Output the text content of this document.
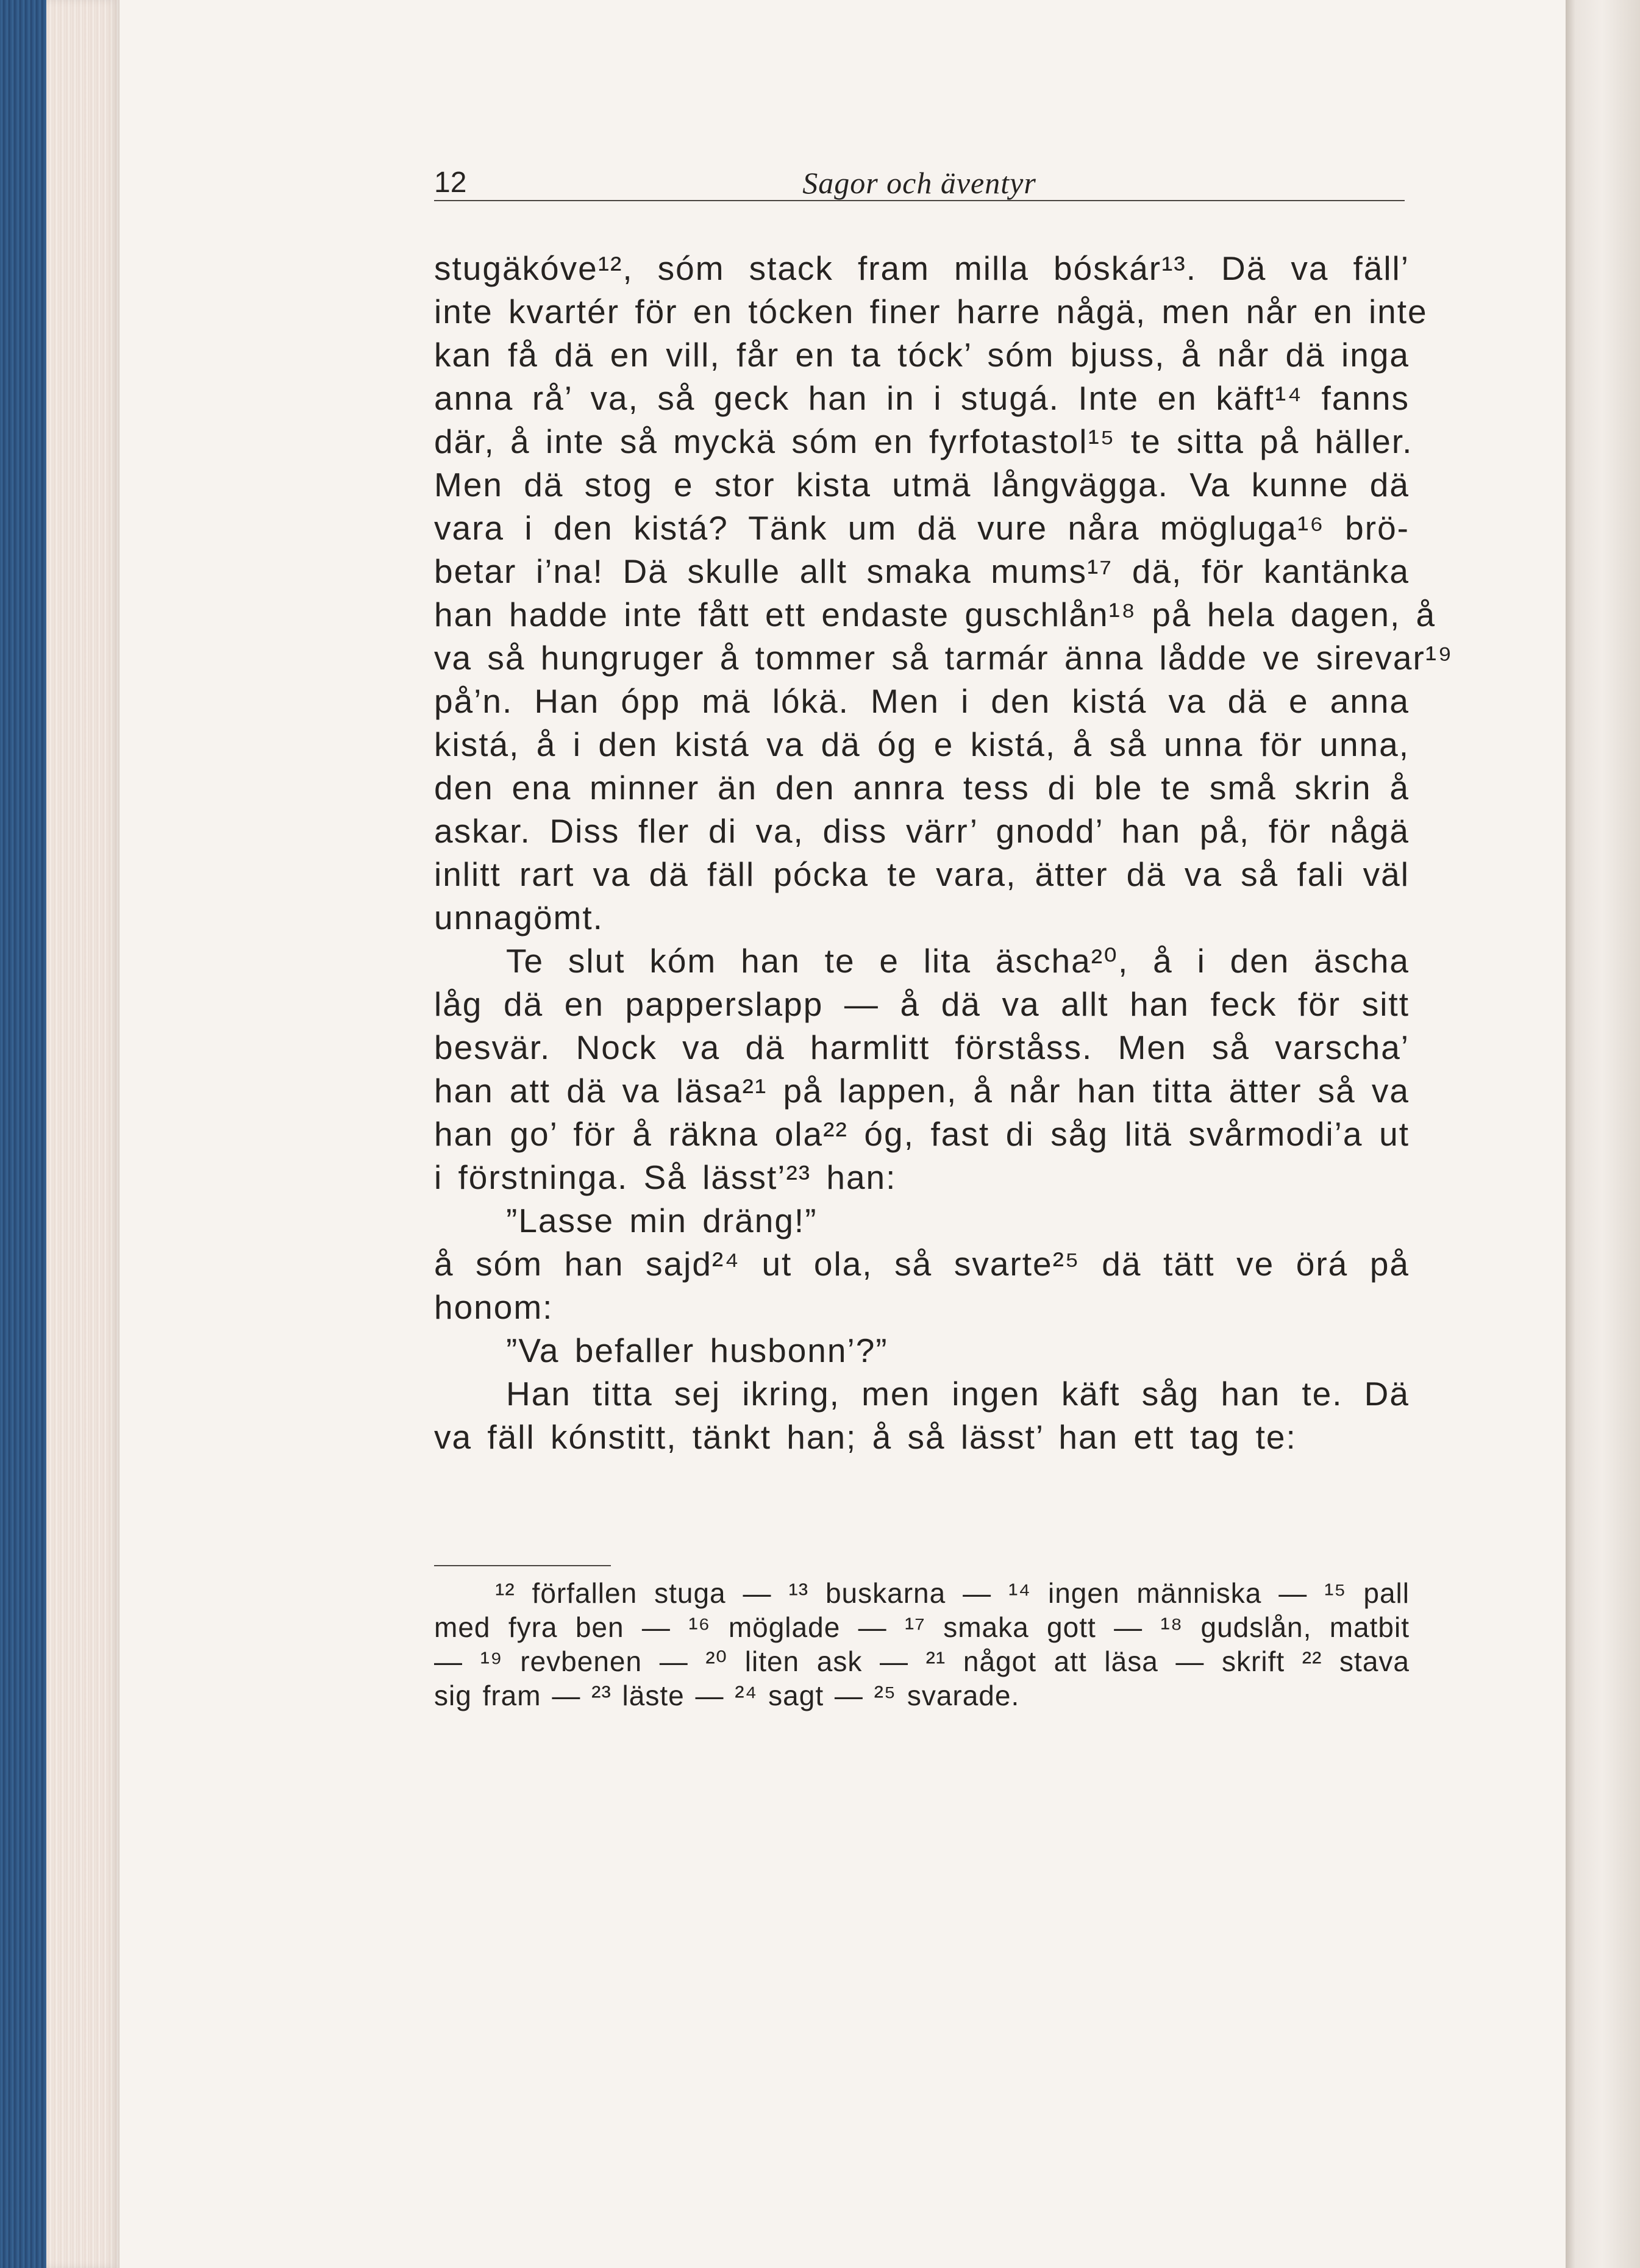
12	Sagor och äventyr
stugäkóve¹², sóm stack fram milla bóskár¹³. Dä va fäll’
inte kvartér för en tócken finer harre någä, men når en inte
kan få dä en vill, får en ta tóck’ sóm bjuss, å når dä inga
anna rå’ va, så geck han in i stugá. Inte en käft¹⁴ fanns
där, å inte så myckä sóm en fyrfotastol¹⁵ te sitta på häller.
Men dä stog e stor kista utmä långvägga. Va kunne dä
vara i den kistá? Tänk um dä vure nåra mögluga¹⁶ brö-
betar i’na! Dä skulle allt smaka mums¹⁷ dä, för kantänka
han hadde inte fått ett endaste guschlån¹⁸ på hela dagen, å
va så hungruger å tommer så tarmár änna lådde ve sirevar¹⁹
på’n. Han ópp mä lókä. Men i den kistá va dä e anna
kistá, å i den kistá va dä óg e kistá, å så unna för unna,
den ena minner än den annra tess di ble te små skrin å
askar. Diss fler di va, diss värr’ gnodd’ han på, för någä
inlitt rart va dä fäll pócka te vara, ätter dä va så fali väl
unnagömt.
Te slut kóm han te e lita äscha²⁰, å i den äscha
låg dä en papperslapp — å dä va allt han feck för sitt
besvär. Nock va dä harmlitt förståss. Men så varscha’
han att dä va läsa²¹ på lappen, å når han titta ätter så va
han go’ för å räkna ola²² óg, fast di såg litä svårmodi’a ut
i förstninga. Så lässt’²³ han:
”Lasse min dräng!”
å sóm han sajd²⁴ ut ola, så svarte²⁵ dä tätt ve örá på
honom:
”Va befaller husbonn’?”
Han titta sej ikring, men ingen käft såg han te. Dä
va fäll kónstitt, tänkt han; å så lässt’ han ett tag te:
¹² förfallen stuga — ¹³ buskarna — ¹⁴ ingen människa — ¹⁵ pall
med fyra ben — ¹⁶ möglade — ¹⁷ smaka gott — ¹⁸ gudslån, matbit
— ¹⁹ revbenen — ²⁰ liten ask — ²¹ något att läsa — skrift ²² stava
sig fram — ²³ läste — ²⁴ sagt — ²⁵ svarade.
